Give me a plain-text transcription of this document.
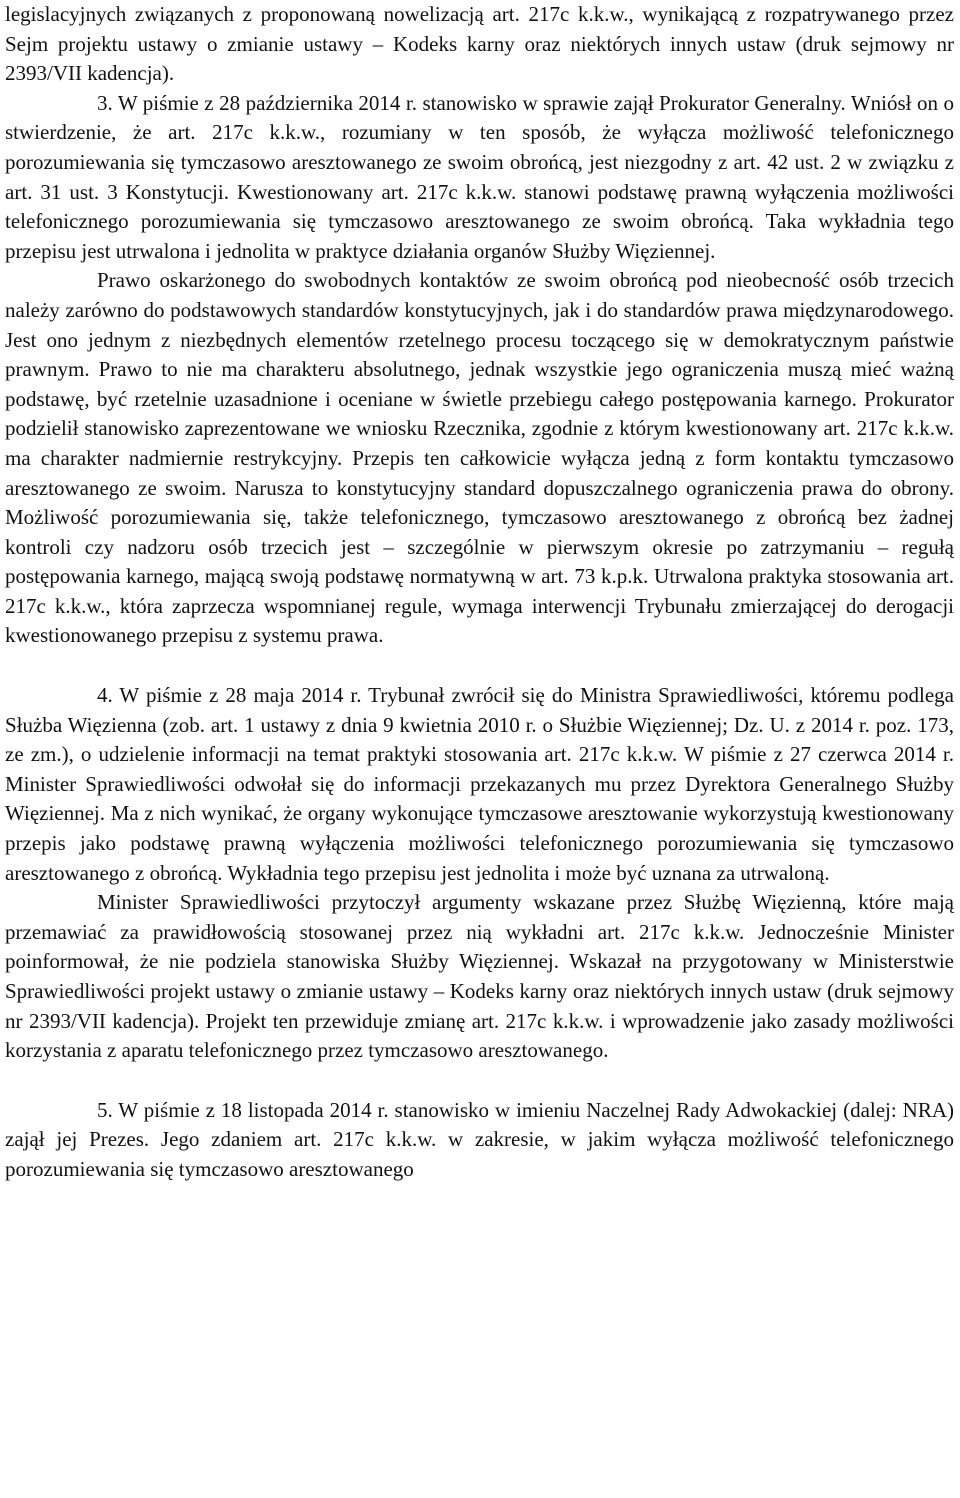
legislacyjnych związanych z proponowaną nowelizacją art. 217c k.k.w., wynikającą z rozpatrywanego przez Sejm projektu ustawy o zmianie ustawy – Kodeks karny oraz niektórych innych ustaw (druk sejmowy nr 2393/VII kadencja).

3. W piśmie z 28 października 2014 r. stanowisko w sprawie zajął Prokurator Generalny. Wniósł on o stwierdzenie, że art. 217c k.k.w., rozumiany w ten sposób, że wyłącza możliwość telefonicznego porozumiewania się tymczasowo aresztowanego ze swoim obrońcą, jest niezgodny z art. 42 ust. 2 w związku z art. 31 ust. 3 Konstytucji. Kwestionowany art. 217c k.k.w. stanowi podstawę prawną wyłączenia możliwości telefonicznego porozumiewania się tymczasowo aresztowanego ze swoim obrońcą. Taka wykładnia tego przepisu jest utrwalona i jednolita w praktyce działania organów Służby Więziennej.

Prawo oskarżonego do swobodnych kontaktów ze swoim obrońcą pod nieobecność osób trzecich należy zarówno do podstawowych standardów konstytucyjnych, jak i do standardów prawa międzynarodowego. Jest ono jednym z niezbędnych elementów rzetelnego procesu toczącego się w demokratycznym państwie prawnym. Prawo to nie ma charakteru absolutnego, jednak wszystkie jego ograniczenia muszą mieć ważną podstawę, być rzetelnie uzasadnione i oceniane w świetle przebiegu całego postępowania karnego. Prokurator podzielił stanowisko zaprezentowane we wniosku Rzecznika, zgodnie z którym kwestionowany art. 217c k.k.w. ma charakter nadmiernie restrykcyjny. Przepis ten całkowicie wyłącza jedną z form kontaktu tymczasowo aresztowanego ze swoim. Narusza to konstytucyjny standard dopuszczalnego ograniczenia prawa do obrony. Możliwość porozumiewania się, także telefonicznego, tymczasowo aresztowanego z obrońcą bez żadnej kontroli czy nadzoru osób trzecich jest – szczególnie w pierwszym okresie po zatrzymaniu – regułą postępowania karnego, mającą swoją podstawę normatywną w art. 73 k.p.k. Utrwalona praktyka stosowania art. 217c k.k.w., która zaprzecza wspomnianej regule, wymaga interwencji Trybunału zmierzającej do derogacji kwestionowanego przepisu z systemu prawa.

4. W piśmie z 28 maja 2014 r. Trybunał zwrócił się do Ministra Sprawiedliwości, któremu podlega Służba Więzienna (zob. art. 1 ustawy z dnia 9 kwietnia 2010 r. o Służbie Więziennej; Dz. U. z 2014 r. poz. 173, ze zm.), o udzielenie informacji na temat praktyki stosowania art. 217c k.k.w. W piśmie z 27 czerwca 2014 r. Minister Sprawiedliwości odwołał się do informacji przekazanych mu przez Dyrektora Generalnego Służby Więziennej. Ma z nich wynikać, że organy wykonujące tymczasowe aresztowanie wykorzystują kwestionowany przepis jako podstawę prawną wyłączenia możliwości telefonicznego porozumiewania się tymczasowo aresztowanego z obrońcą. Wykładnia tego przepisu jest jednolita i może być uznana za utrwaloną.

Minister Sprawiedliwości przytoczył argumenty wskazane przez Służbę Więzienną, które mają przemawiać za prawidłowością stosowanej przez nią wykładni art. 217c k.k.w. Jednocześnie Minister poinformował, że nie podziela stanowiska Służby Więziennej. Wskazał na przygotowany w Ministerstwie Sprawiedliwości projekt ustawy o zmianie ustawy – Kodeks karny oraz niektórych innych ustaw (druk sejmowy nr 2393/VII kadencja). Projekt ten przewiduje zmianę art. 217c k.k.w. i wprowadzenie jako zasady możliwości korzystania z aparatu telefonicznego przez tymczasowo aresztowanego.

5. W piśmie z 18 listopada 2014 r. stanowisko w imieniu Naczelnej Rady Adwokackiej (dalej: NRA) zajął jej Prezes. Jego zdaniem art. 217c k.k.w. w zakresie, w jakim wyłącza możliwość telefonicznego porozumiewania się tymczasowo aresztowanego
